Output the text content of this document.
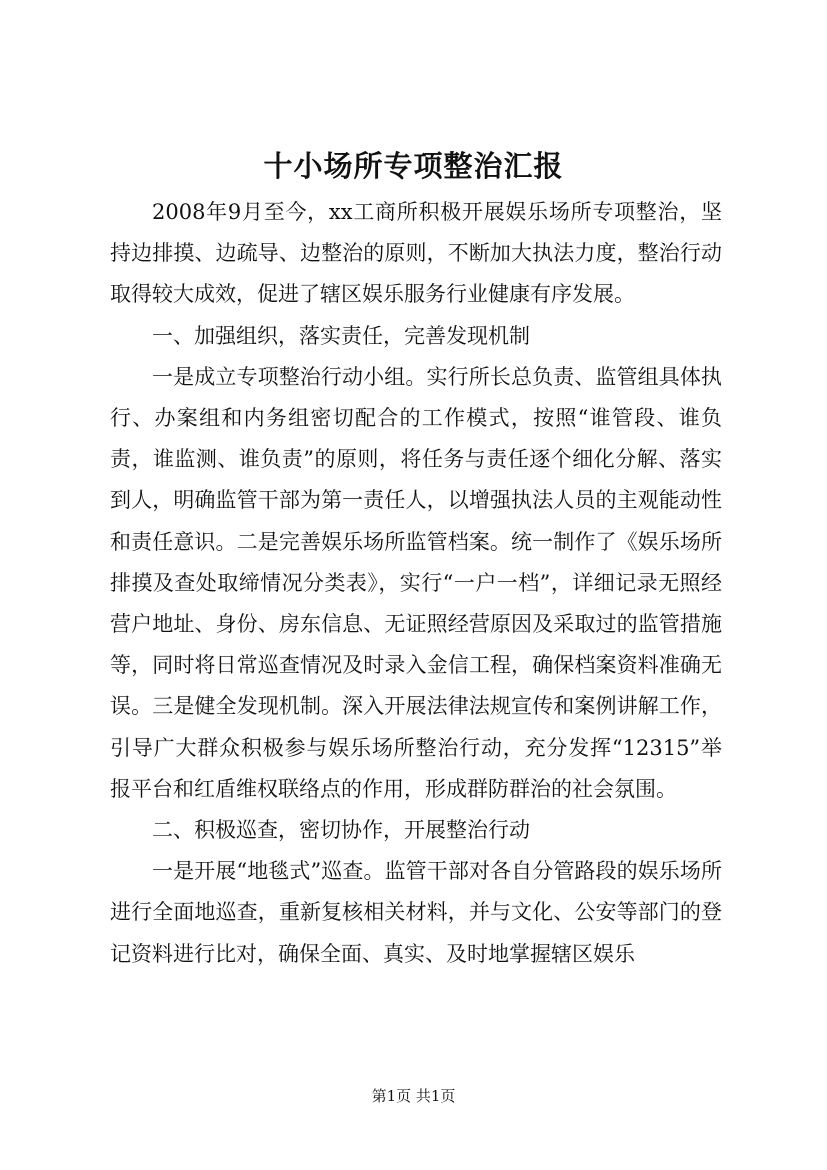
十小场所专项整治汇报

2008年9月至今，xx工商所积极开展娱乐场所专项整治，坚持边排摸、边疏导、边整治的原则，不断加大执法力度，整治行动取得较大成效，促进了辖区娱乐服务行业健康有序发展。

一、加强组织，落实责任，完善发现机制

一是成立专项整治行动小组。实行所长总负责、监管组具体执行、办案组和内务组密切配合的工作模式，按照“谁管段、谁负责，谁监测、谁负责”的原则，将任务与责任逐个细化分解、落实到人，明确监管干部为第一责任人，以增强执法人员的主观能动性和责任意识。二是完善娱乐场所监管档案。统一制作了《娱乐场所排摸及查处取缔情况分类表》，实行“一户一档”，详细记录无照经营户地址、身份、房东信息、无证照经营原因及采取过的监管措施等，同时将日常巡查情况及时录入金信工程，确保档案资料准确无误。三是健全发现机制。深入开展法律法规宣传和案例讲解工作，引导广大群众积极参与娱乐场所整治行动，充分发挥“12315”举报平台和红盾维权联络点的作用，形成群防群治的社会氛围。

二、积极巡查，密切协作，开展整治行动

一是开展“地毯式”巡查。监管干部对各自分管路段的娱乐场所进行全面地巡查，重新复核相关材料，并与文化、公安等部门的登记资料进行比对，确保全面、真实、及时地掌握辖区娱乐

第1页 共1页
